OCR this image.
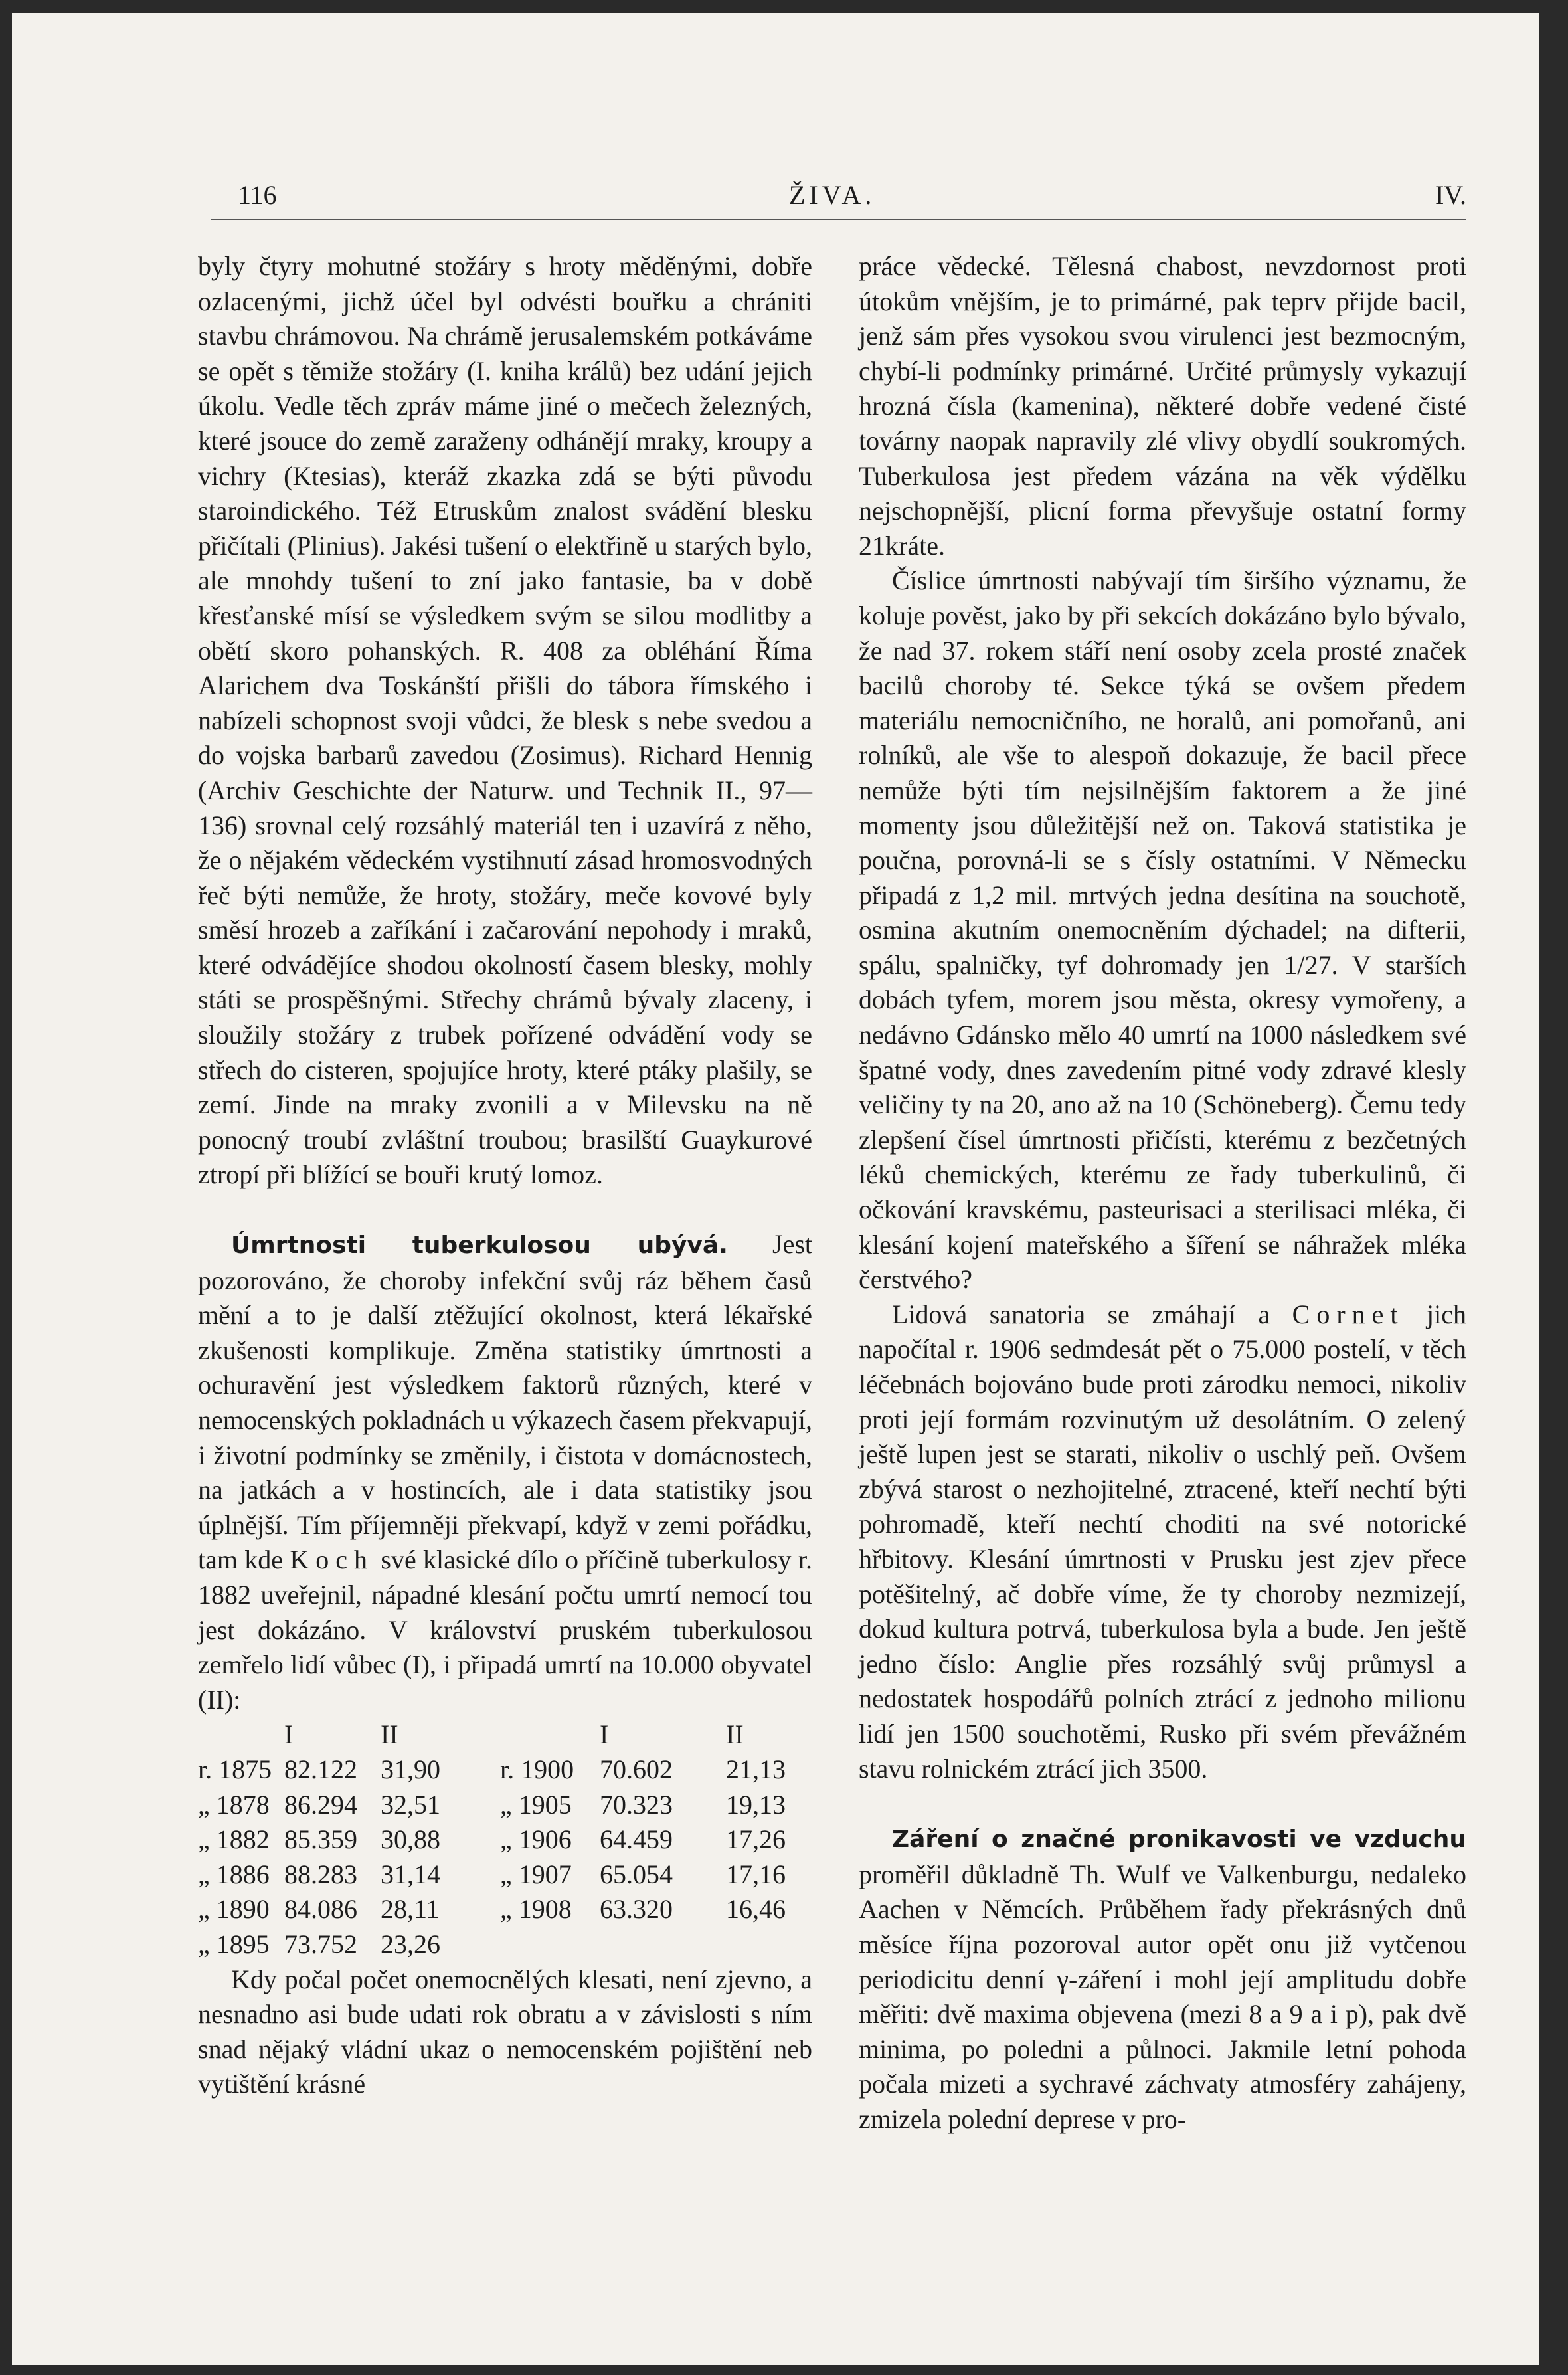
116	ŽIVA.	IV.

byly čtyry mohutné stožáry s hroty měděnými, dobře ozlacenými, jichž účel byl odvésti bouřku a chrániti stavbu chrámovou. Na chrámě jerusalemském potkáváme se opět s těmiže stožáry (I. kniha králů) bez udání jejich úkolu. Vedle těch zpráv máme jiné o mečech železných, které jsouce do země zaraženy odhánějí mraky, kroupy a vichry (Ktesias), kteráž zkazka zdá se býti původu staroindického. Též Etruskům znalost svádění blesku přičítali (Plinius). Jakési tušení o elektřině u starých bylo, ale mnohdy tušení to zní jako fantasie, ba v době křesťanské mísí se výsledkem svým se silou modlitby a obětí skoro pohanských. R. 408 za obléhání Říma Alarichem dva Toskánští přišli do tábora římského i nabízeli schopnost svoji vůdci, že blesk s nebe svedou a do vojska barbarů zavedou (Zosimus). Richard Hennig (Archiv Geschichte der Naturw. und Technik II., 97—136) srovnal celý rozsáhlý materiál ten i uzavírá z něho, že o nějakém vědeckém vystihnutí zásad hromosvodných řeč býti nemůže, že hroty, stožáry, meče kovové byly směsí hrozeb a zaříkání i začarování nepohody i mraků, které odvádějíce shodou okolností časem blesky, mohly státi se prospěšnými. Střechy chrámů bývaly zlaceny, i sloužily stožáry z trubek pořízené odvádění vody se střech do cisteren, spojujíce hroty, které ptáky plašily, se zemí. Jinde na mraky zvonili a v Milevsku na ně ponocný troubí zvláštní troubou; brasilští Guaykurové ztropí při blížící se bouři krutý lomoz.

Úmrtnosti tuberkulosou ubývá. Jest pozorováno, že choroby infekční svůj ráz během časů mění a to je další ztěžující okolnost, která lékařské zkušenosti komplikuje. Změna statistiky úmrtnosti a ochuravění jest výsledkem faktorů různých, které v nemocenských pokladnách u výkazech časem překvapují, i životní podmínky se změnily, i čistota v domácnostech, na jatkách a v hostincích, ale i data statistiky jsou úplnější. Tím příjemněji překvapí, když v zemi pořádku, tam kde Koch své klasické dílo o příčině tuberkulosy r. 1882 uveřejnil, nápadné klesání počtu umrtí nemocí tou jest dokázáno. V království pruském tuberkulosou zemřelo lidí vůbec (I), i připadá umrtí na 10.000 obyvatel (II):

	I	II		I	II
r. 1875	82.122	31,90	r. 1900	70.602	21,13
„ 1878	86.294	32,51	„ 1905	70.323	19,13
„ 1882	85.359	30,88	„ 1906	64.459	17,26
„ 1886	88.283	31,14	„ 1907	65.054	17,16
„ 1890	84.086	28,11	„ 1908	63.320	16,46
„ 1895	73.752	23,26			

Kdy počal počet onemocnělých klesati, není zjevno, a nesnadno asi bude udati rok obratu a v závislosti s ním snad nějaký vládní ukaz o nemocenském pojištění neb vytištění krásné

práce vědecké. Tělesná chabost, nevzdornost proti útokům vnějším, je to primárné, pak teprv přijde bacil, jenž sám přes vysokou svou virulenci jest bezmocným, chybí-li podmínky primárné. Určité průmysly vykazují hrozná čísla (kamenina), některé dobře vedené čisté továrny naopak napravily zlé vlivy obydlí soukromých. Tuberkulosa jest předem vázána na věk výdělku nejschopnější, plicní forma převyšuje ostatní formy 21kráte.

Číslice úmrtnosti nabývají tím širšího významu, že koluje pověst, jako by při sekcích dokázáno bylo bývalo, že nad 37. rokem stáří není osoby zcela prosté značek bacilů choroby té. Sekce týká se ovšem předem materiálu nemocničního, ne horalů, ani pomořanů, ani rolníků, ale vše to alespoň dokazuje, že bacil přece nemůže býti tím nejsilnějším faktorem a že jiné momenty jsou důležitější než on. Taková statistika je poučna, porovná-li se s čísly ostatními. V Německu připadá z 1,2 mil. mrtvých jedna desítina na souchotě, osmina akutním onemocněním dýchadel; na difterii, spálu, spalničky, tyf dohromady jen 1/27. V starších dobách tyfem, morem jsou města, okresy vymořeny, a nedávno Gdánsko mělo 40 umrtí na 1000 následkem své špatné vody, dnes zavedením pitné vody zdravé klesly veličiny ty na 20, ano až na 10 (Schöneberg). Čemu tedy zlepšení čísel úmrtnosti přičísti, kterému z bezčetných léků chemických, kterému ze řady tuberkulinů, či očkování kravskému, pasteurisaci a sterilisaci mléka, či klesání kojení mateřského a šíření se náhražek mléka čerstvého?

Lidová sanatoria se zmáhají a Cornet jich napočítal r. 1906 sedmdesát pět o 75.000 postelí, v těch léčebnách bojováno bude proti zárodku nemoci, nikoliv proti její formám rozvinutým už desolátním. O zelený ještě lupen jest se starati, nikoliv o uschlý peň. Ovšem zbývá starost o nezhojitelné, ztracené, kteří nechtí býti pohromadě, kteří nechtí choditi na své notorické hřbitovy. Klesání úmrtnosti v Prusku jest zjev přece potěšitelný, ač dobře víme, že ty choroby nezmizejí, dokud kultura potrvá, tuberkulosa byla a bude. Jen ještě jedno číslo: Anglie přes rozsáhlý svůj průmysl a nedostatek hospodářů polních ztrácí z jednoho milionu lidí jen 1500 souchotěmi, Rusko při svém převážném stavu rolnickém ztrácí jich 3500.

Záření o značné pronikavosti ve vzduchu proměřil důkladně Th. Wulf ve Valkenburgu, nedaleko Aachen v Němcích. Průběhem řady překrásných dnů měsíce října pozoroval autor opět onu již vytčenou periodicitu denní γ-záření i mohl její amplitudu dobře měřiti: dvě maxima objevena (mezi 8 a 9 a i p), pak dvě minima, po poledni a půlnoci. Jakmile letní pohoda počala mizeti a sychravé záchvaty atmosféry zahájeny, zmizela polední deprese v pro-
